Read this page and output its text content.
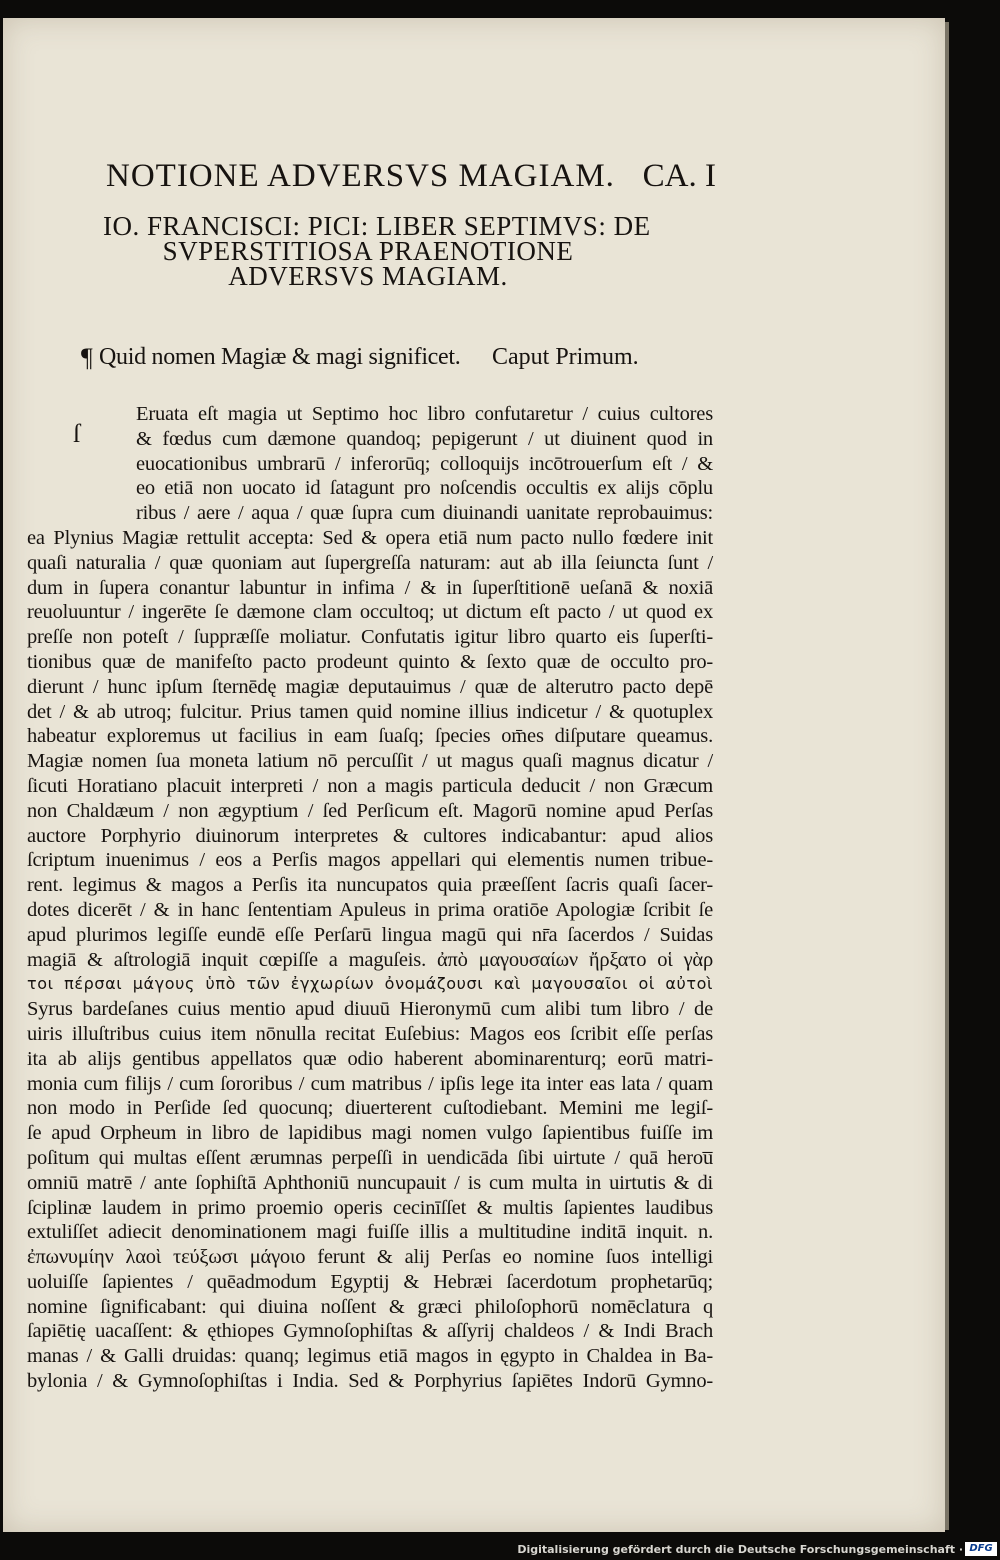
NOTIONE ADVERSVS MAGIAM. CA. I
IO. FRANCISCI: PICI: LIBER SEPTIMVS: DE
SVPERSTITIOSA PRAENOTIONE
ADVERSVS MAGIAM.
¶ Quid nomen Magiæ & magi significet. Caput Primum.
ſ
Eruata eſt magia ut Septimo hoc libro confutaretur / cuius cultores
& fœdus cum dæmone quandoq; pepigerunt / ut diuinent quod in
euocationibus umbrarū / inferorūq; colloquijs incōtrouerſum eſt / &
eo etiā non uocato id ſatagunt pro noſcendis occultis ex alijs cōplu
ribus / aere / aqua / quæ ſupra cum diuinandi uanitate reprobauimus:
ea Plynius Magiæ rettulit accepta: Sed & opera etiā num pacto nullo fœdere init
quaſi naturalia / quæ quoniam aut ſupergreſſa naturam: aut ab illa ſeiuncta ſunt /
dum in ſupera conantur labuntur in infima / & in ſuperſtitionē ueſanā & noxiā
reuoluuntur / ingerēte ſe dæmone clam occultoq; ut dictum eſt pacto / ut quod ex
preſſe non poteſt / ſuppræſſe moliatur. Confutatis igitur libro quarto eis ſuperſti-
tionibus quæ de manifeſto pacto prodeunt quinto & ſexto quæ de occulto pro-
dierunt / hunc ipſum ſternēdę magiæ deputauimus / quæ de alterutro pacto depē
det / & ab utroq; fulcitur. Prius tamen quid nomine illius indicetur / & quotuplex
habeatur exploremus ut facilius in eam ſuaſq; ſpecies om̄es diſputare queamus.
Magiæ nomen ſua moneta latium nō percuſſit / ut magus quaſi magnus dicatur /
ſicuti Horatiano placuit interpreti / non a magis particula deducit / non Græcum
non Chaldæum / non ægyptium / ſed Perſicum eſt. Magorū nomine apud Perſas
auctore Porphyrio diuinorum interpretes & cultores indicabantur: apud alios
ſcriptum inuenimus / eos a Perſis magos appellari qui elementis numen tribue-
rent. legimus & magos a Perſis ita nuncupatos quia præeſſent ſacris quaſi ſacer-
dotes dicerēt / & in hanc ſententiam Apuleus in prima oratiōe Apologiæ ſcribit ſe
apud plurimos legiſſe eundē eſſe Perſarū lingua magū qui nr̄a ſacerdos / Suidas
magiā & aſtrologiā inquit cœpiſſe a maguſeis. ἀπὸ μαγουσαίων ἤρξατο οἱ γὰρ
τοι πέρσαι μάγους ὑπὸ τῶν ἐγχωρίων ὀνομάζουσι καὶ μαγουσαῖοι οἱ αὐτοὶ
Syrus bardeſanes cuius mentio apud diuuū Hieronymū cum alibi tum libro / de
uiris illuſtribus cuius item nōnulla recitat Euſebius: Magos eos ſcribit eſſe perſas
ita ab alijs gentibus appellatos quæ odio haberent abominarenturq; eorū matri-
monia cum filijs / cum ſororibus / cum matribus / ipſis lege ita inter eas lata / quam
non modo in Perſide ſed quocunq; diuerterent cuſtodiebant. Memini me legiſ-
ſe apud Orpheum in libro de lapidibus magi nomen vulgo ſapientibus fuiſſe im
poſitum qui multas eſſent ærumnas perpeſſi in uendicāda ſibi uirtute / quā herou̅
omniū matrē / ante ſophiſtā Aphthoniū nuncupauit / is cum multa in uirtutis & di
ſciplinæ laudem in primo proemio operis cecinīſſet & multis ſapientes laudibus
extuliſſet adiecit denominationem magi fuiſſe illis a multitudine inditā inquit. n.
ἐπωνυμίην λαοὶ τεύξωσι μάγοιο ferunt & alij Perſas eo nomine ſuos intelligi
uoluiſſe ſapientes / quēadmodum Egyptij & Hebræi ſacerdotum prophetarūq;
nomine ſignificabant: qui diuina noſſent & græci philoſophorū nomēclatura q
ſapiētię uacaſſent: & ęthiopes Gymnoſophiſtas & aſſyrij chaldeos / & Indi Brach
manas / & Galli druidas: quanq; legimus etiā magos in ęgypto in Chaldea in Ba-
bylonia / & Gymnoſophiſtas i India. Sed & Porphyrius ſapiētes Indorū Gymno-
Digitalisierung gefördert durch die Deutsche Forschungsgemeinschaft · DFG
